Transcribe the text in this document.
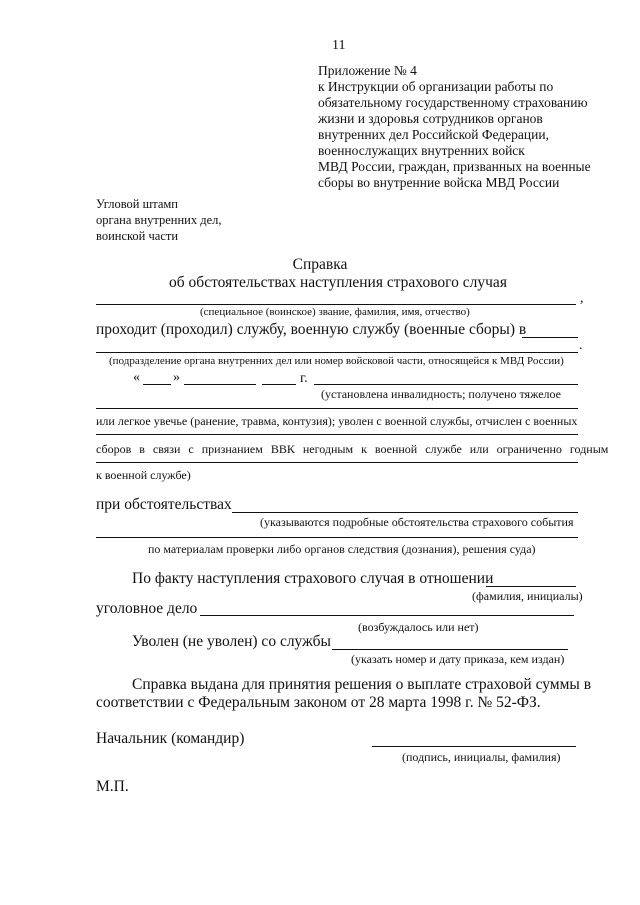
11
Приложение № 4
к Инструкции об организации работы по
обязательному государственному страхованию
жизни и здоровья сотрудников органов
внутренних дел Российской Федерации,
военнослужащих внутренних войск
МВД России, граждан, призванных на военные
сборы во внутренние войска МВД России
Угловой штамп
органа внутренних дел,
воинской части
Справка
об обстоятельствах наступления страхового случая
,
(специальное (воинское) звание, фамилия, имя, отчество)
проходит (проходил) службу, военную службу (военные сборы) в
.
(подразделение органа внутренних дел или номер войсковой части, относящейся к МВД России)
« »	г.
(установлена инвалидность; получено тяжелое
или легкое увечье (ранение, травма, контузия); уволен с военной службы, отчислен с военных
сборов в связи с признанием ВВК негодным к военной службе или ограниченно годным
к военной службе)
при обстоятельствах
(указываются подробные обстоятельства страхового события
по материалам проверки либо органов следствия (дознания), решения суда)
По факту наступления страхового случая в отношении
(фамилия, инициалы)
уголовное дело
(возбуждалось или нет)
Уволен (не уволен) со службы
(указать номер и дату приказа, кем издан)
Справка выдана для принятия решения о выплате страховой суммы в
соответствии с Федеральным законом от 28 марта 1998 г. № 52-ФЗ.
Начальник (командир)
(подпись, инициалы, фамилия)
М.П.
